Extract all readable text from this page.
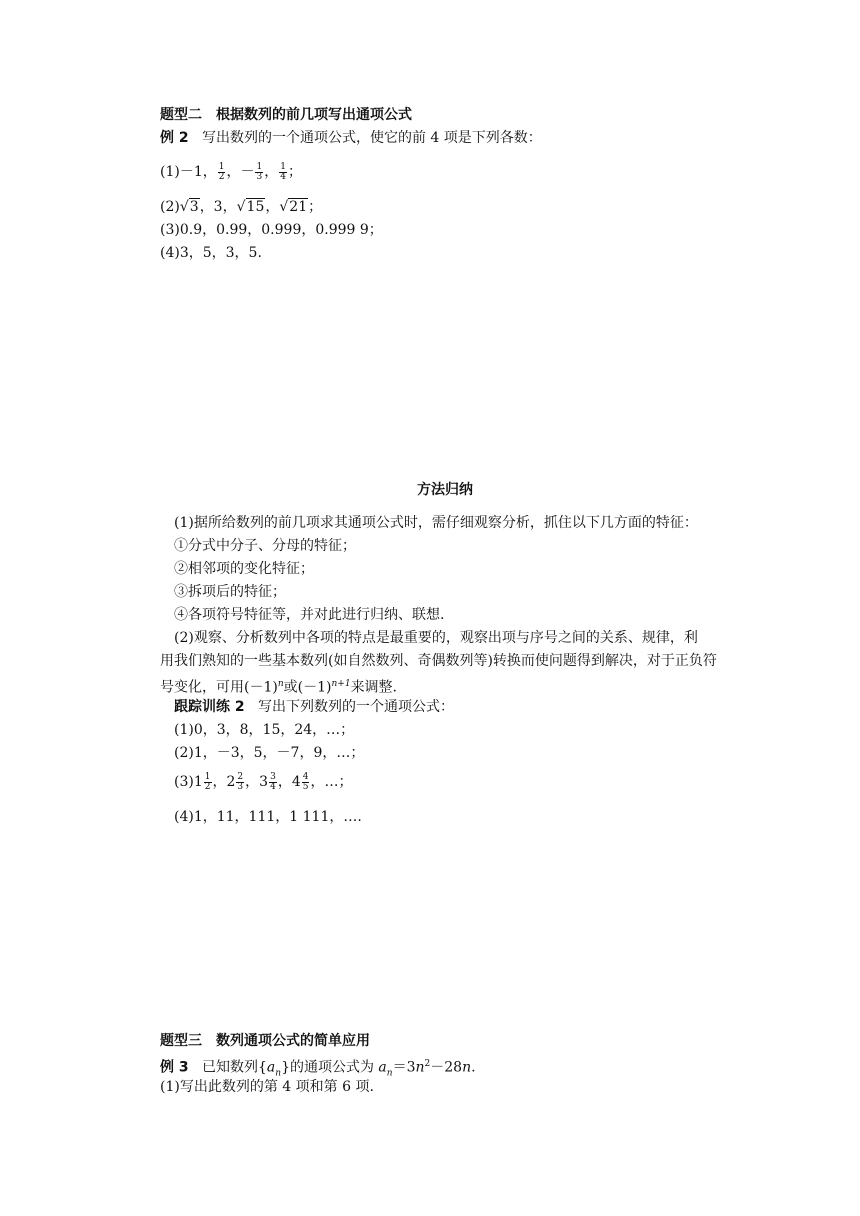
题型二　根据数列的前几项写出通项公式
例 2 写出数列的一个通项公式，使它的前 4 项是下列各数：
(1)－1， $\frac{1}{2}$ ，－ $\frac{1}{3}$ ， $\frac{1}{4}$ ；
(2)√3，3，√15，√21；
(3)0.9，0.99，0.999，0.999 9；
(4)3，5，3，5.
方法归纳
(1)据所给数列的前几项求其通项公式时，需仔细观察分析，抓住以下几方面的特征：
①分式中分子、分母的特征；
②相邻项的变化特征；
③拆项后的特征；
④各项符号特征等，并对此进行归纳、联想.
(2)观察、分析数列中各项的特点是最重要的，观察出项与序号之间的关系、规律，利
用我们熟知的一些基本数列(如自然数列、奇偶数列等)转换而使问题得到解决，对于正负符
号变化，可用$(-1)^n$或$(-1)^{n+1}$来调整.
跟踪训练 2 写出下列数列的一个通项公式：
(1)0，3，8，15，24，…；
(2)1，－3，5，－7，9，…；
$(3)1 \frac{1}{2}$ ，$2 \frac{2}{3}$ ，$3 \frac{3}{4}$ ，$4 \frac{4}{5}$ ，…；
(4)1，11，111，1 111，….
题型三　数列通项公式的简单应用
例 3 已知数列$\{a_n\}$的通项公式为 $a_n=3n^2-28n$.
(1)写出此数列的第 4 项和第 6 项.
